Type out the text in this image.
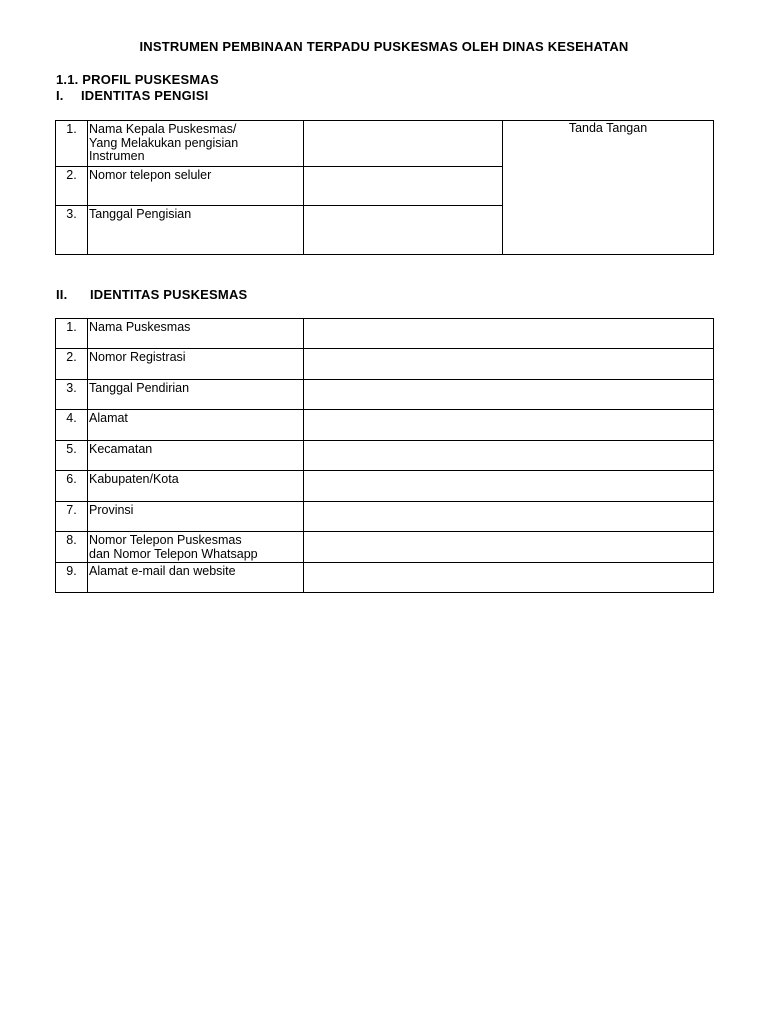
INSTRUMEN PEMBINAAN TERPADU PUSKESMAS OLEH DINAS KESEHATAN
1.1. PROFIL PUSKESMAS
I. IDENTITAS PENGISI
1.	Nama Kepala Puskesmas/
Yang Melakukan pengisian
Instrumen		Tanda Tangan
2.	Nomor telepon seluler		

3.	Tanggal Pengisian		

II. IDENTITAS PUSKESMAS
1.	Nama Puskesmas	

2.	Nomor Registrasi	

3.	Tanggal Pendirian	

4.	Alamat	

5.	Kecamatan	

6.	Kabupaten/Kota	

7.	Provinsi	

8.	Nomor Telepon Puskesmas
dan Nomor Telepon Whatsapp	

9.	Alamat e-mail dan website	
